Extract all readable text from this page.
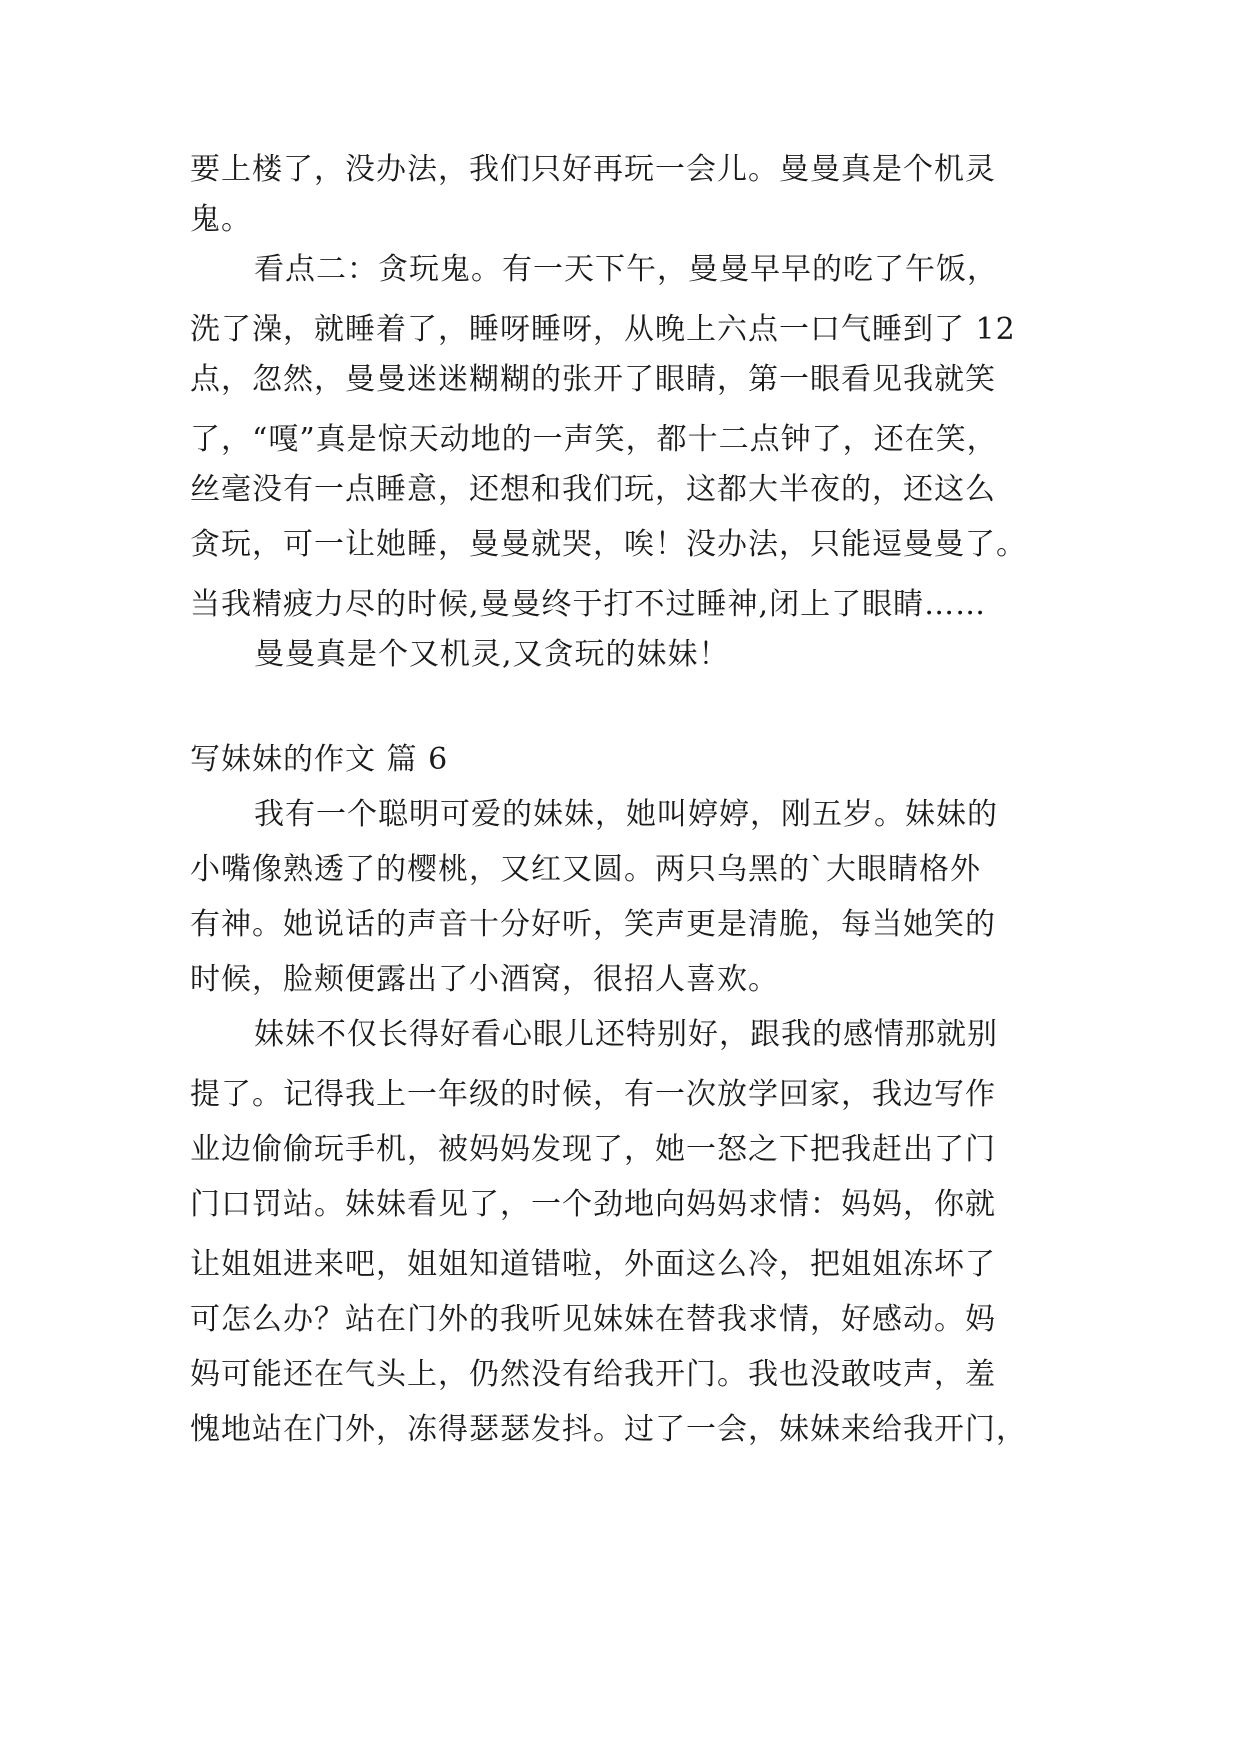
要上楼了，没办法，我们只好再玩一会儿。曼曼真是个机灵
鬼。
看点二：贪玩鬼。有一天下午，曼曼早早的吃了午饭，
洗了澡，就睡着了，睡呀睡呀，从晚上六点一口气睡到了 12
点，忽然，曼曼迷迷糊糊的张开了眼睛，第一眼看见我就笑
了，“嘎”真是惊天动地的一声笑，都十二点钟了，还在笑，
丝毫没有一点睡意，还想和我们玩，这都大半夜的，还这么
贪玩，可一让她睡，曼曼就哭，唉！没办法，只能逗曼曼了。
当我精疲力尽的时候,曼曼终于打不过睡神,闭上了眼睛……
曼曼真是个又机灵,又贪玩的妹妹！
写妹妹的作文 篇 6
我有一个聪明可爱的妹妹，她叫婷婷，刚五岁。妹妹的
小嘴像熟透了的樱桃，又红又圆。两只乌黑的`大眼睛格外
有神。她说话的声音十分好听，笑声更是清脆，每当她笑的
时候，脸颊便露出了小酒窝，很招人喜欢。
妹妹不仅长得好看心眼儿还特别好，跟我的感情那就别
提了。记得我上一年级的时候，有一次放学回家，我边写作
业边偷偷玩手机，被妈妈发现了，她一怒之下把我赶出了门
门口罚站。妹妹看见了，一个劲地向妈妈求情：妈妈，你就
让姐姐进来吧，姐姐知道错啦，外面这么冷，把姐姐冻坏了
可怎么办？站在门外的我听见妹妹在替我求情，好感动。妈
妈可能还在气头上，仍然没有给我开门。我也没敢吱声，羞
愧地站在门外，冻得瑟瑟发抖。过了一会，妹妹来给我开门，
